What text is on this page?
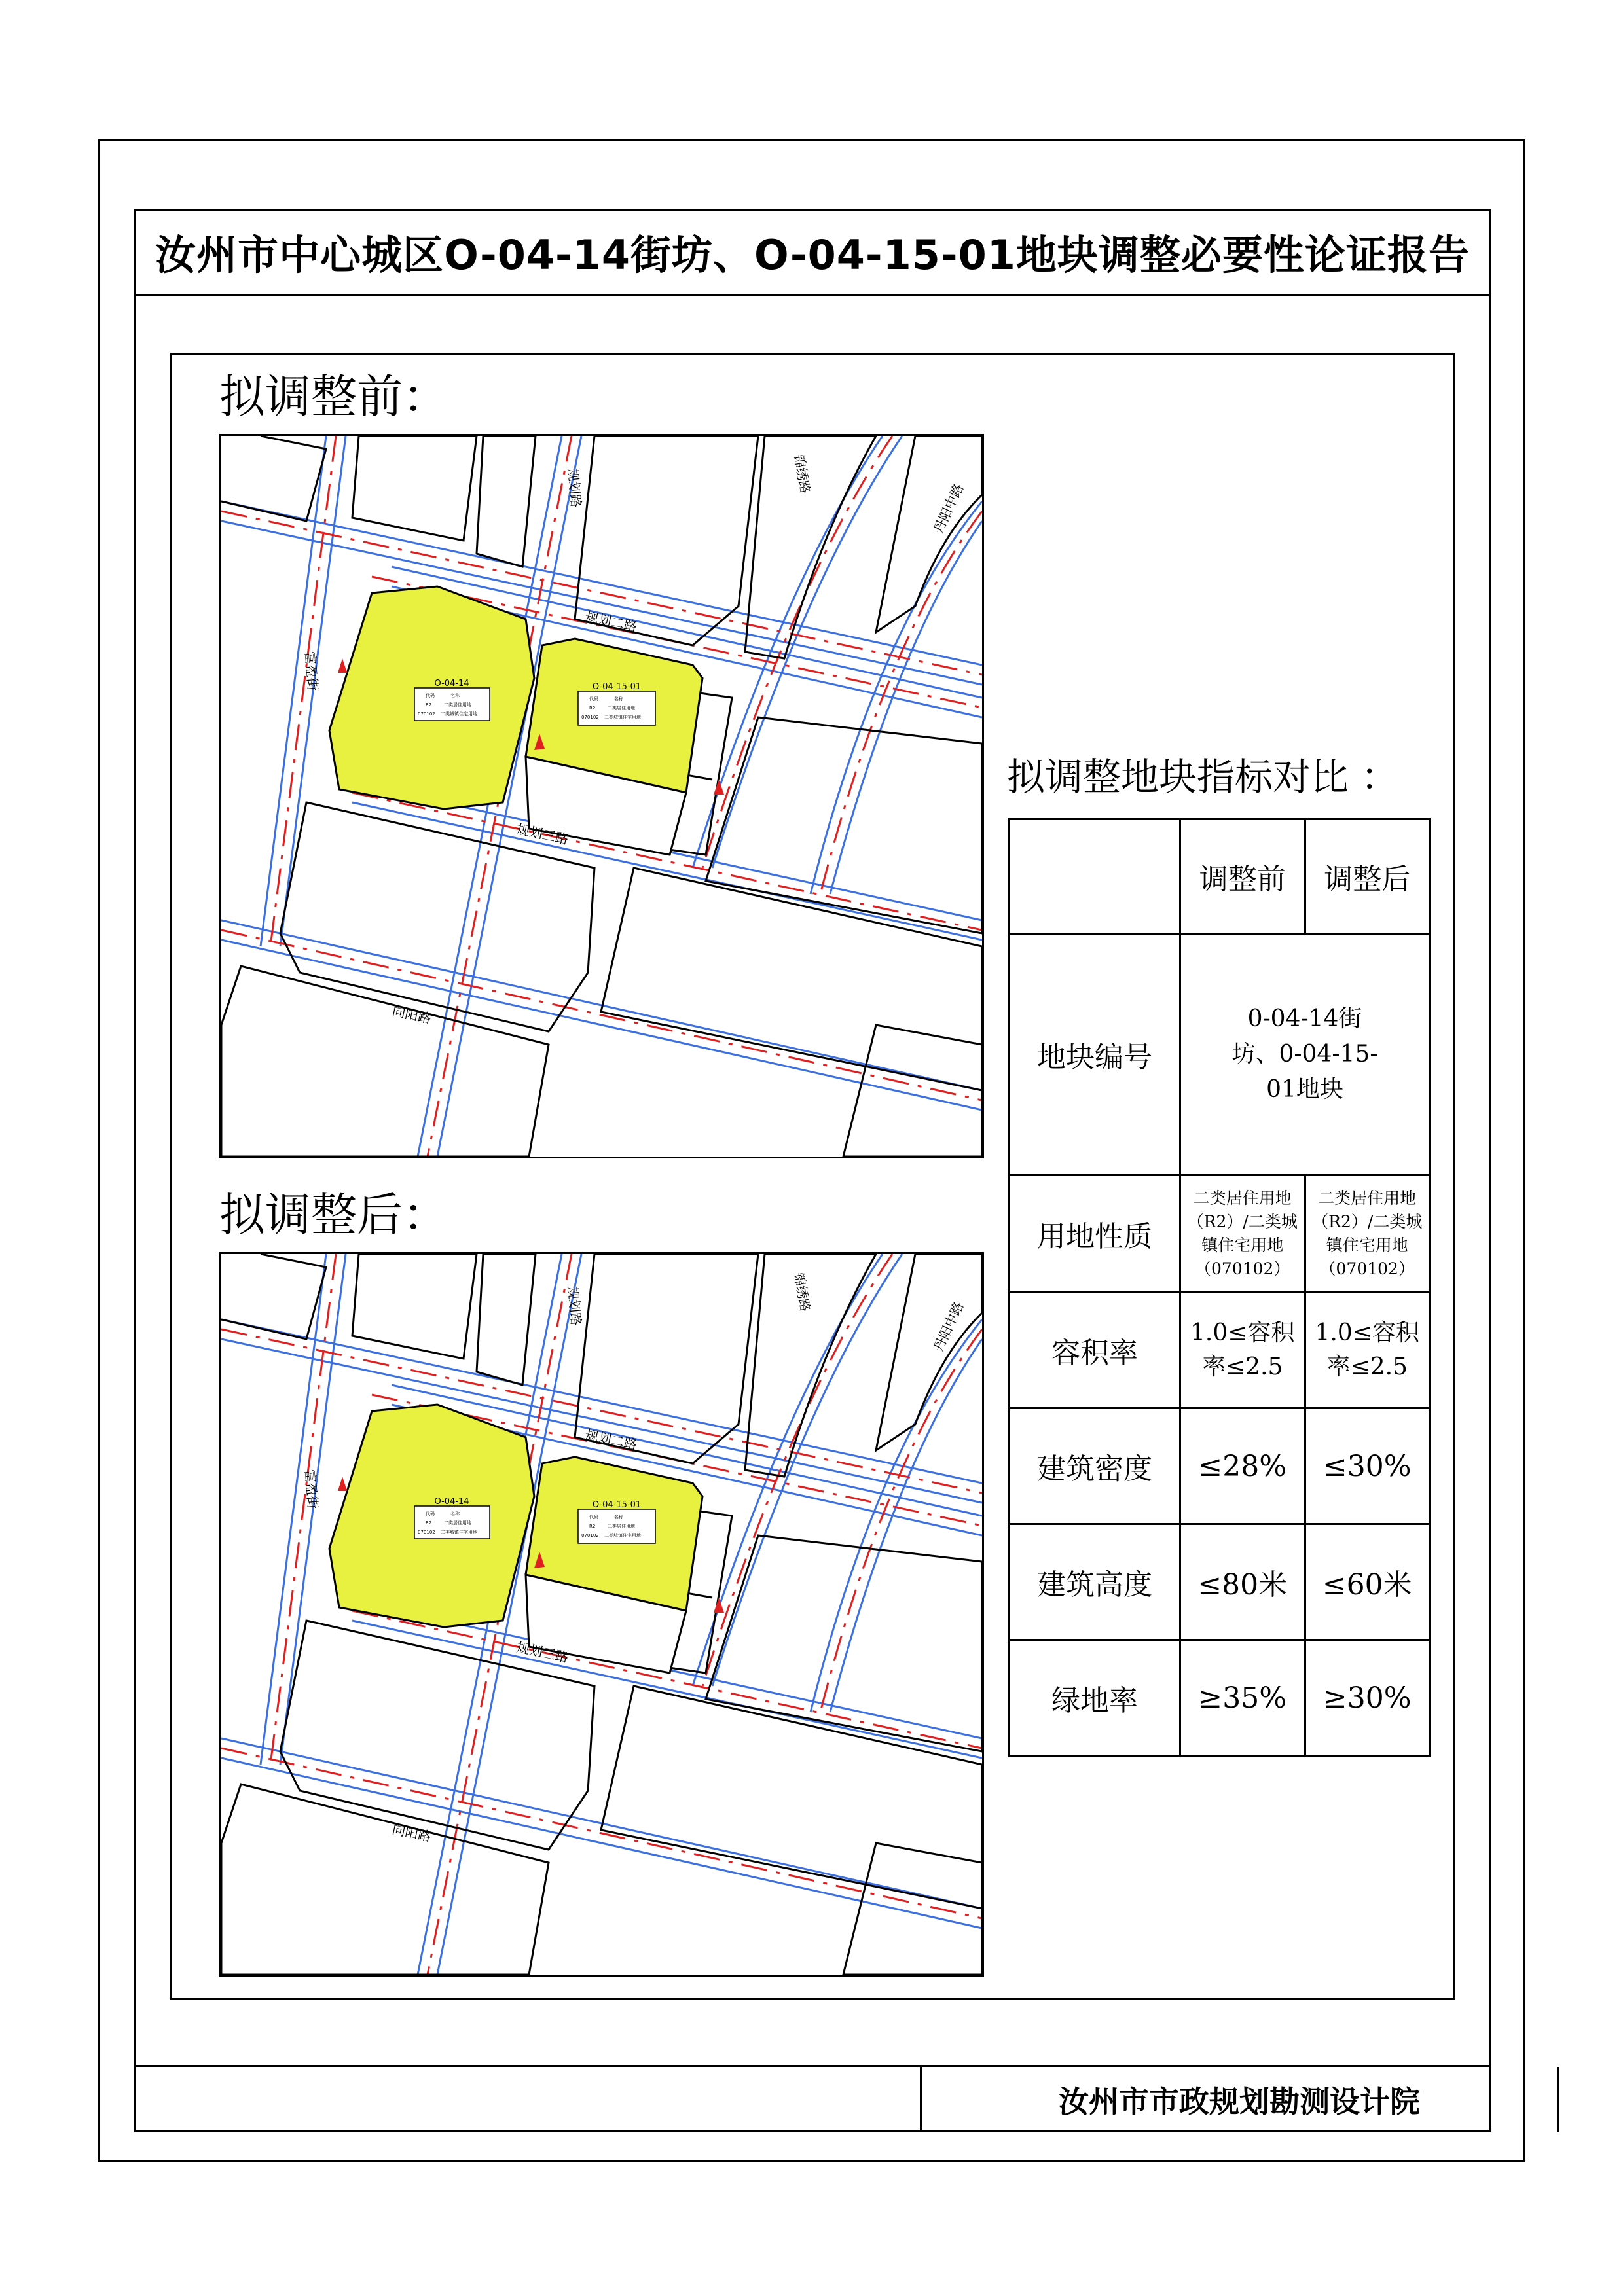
汝州市中心城区O-04-14街坊、O-04-15-01地块调整必要性论证报告
拟调整前：
拟调整后：
O-04-14
代码	名称
R2	二类居住用地
070102 二类城镇住宅用地
O-04-15-01
代码	名称
R2	二类居住用地
070102 二类城镇住宅用地
规划路	锦绣路
规划二路
富盈街
规划三路
向阳路
丹阳中路
O-04-14
代码	名称
R2	二类居住用地
070102 二类城镇住宅用地
O-04-15-01
代码	名称
R2	二类居住用地
070102 二类城镇住宅用地
规划路	锦绣路
规划二路
富盈街
规划三路
向阳路
丹阳中路
拟调整地块指标对比 ：
	调整前	调整后
地块编号	0-04-14街坊、0-04-15-01地块	

用地性质	二类居住用地（R2）/二类城镇住宅用地（070102）	二类居住用地（R2）/二类城镇住宅用地（070102）
容积率	1.0≤容积率≤2.5	1.0≤容积率≤2.5
建筑密度	≤28%	≤30%
建筑高度	≤80米	≤60米
绿地率	≥35%	≥30%
汝州市市政规划勘测设计院
